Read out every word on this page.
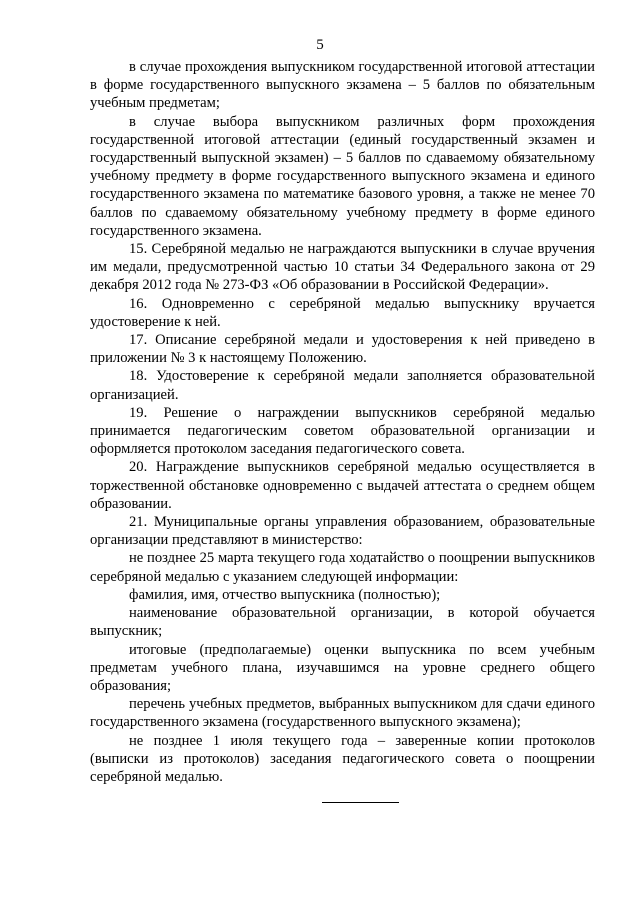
5

в случае прохождения выпускником государственной итоговой аттестации в форме государственного выпускного экзамена – 5 баллов по обязательным учебным предметам;

в случае выбора выпускником различных форм прохождения государственной итоговой аттестации (единый государственный экзамен и государственный выпускной экзамен) – 5 баллов по сдаваемому обязательному учебному предмету в форме государственного выпускного экзамена и единого государственного экзамена по математике базового уровня, а также не менее 70 баллов по сдаваемому обязательному учебному предмету в форме единого государственного экзамена.

15. Серебряной медалью не награждаются выпускники в случае вручения им медали, предусмотренной частью 10 статьи 34 Федерального закона от 29 декабря 2012 года № 273-ФЗ «Об образовании в Российской Федерации».

16. Одновременно с серебряной медалью выпускнику вручается удостоверение к ней.

17. Описание серебряной медали и удостоверения к ней приведено в приложении № 3 к настоящему Положению.

18. Удостоверение к серебряной медали заполняется образовательной организацией.

19. Решение о награждении выпускников серебряной медалью принимается педагогическим советом образовательной организации и оформляется протоколом заседания педагогического совета.

20. Награждение выпускников серебряной медалью осуществляется в торжественной обстановке одновременно с выдачей аттестата о среднем общем образовании.

21. Муниципальные органы управления образованием, образовательные организации представляют в министерство:

не позднее 25 марта текущего года ходатайство о поощрении выпускников серебряной медалью с указанием следующей информации:

фамилия, имя, отчество выпускника (полностью);

наименование образовательной организации, в которой обучается выпускник;

итоговые (предполагаемые) оценки выпускника по всем учебным предметам учебного плана, изучавшимся на уровне среднего общего образования;

перечень учебных предметов, выбранных выпускником для сдачи единого государственного экзамена (государственного выпускного экзамена);

не позднее 1 июля текущего года – заверенные копии протоколов (выписки из протоколов) заседания педагогического совета о поощрении серебряной медалью.
